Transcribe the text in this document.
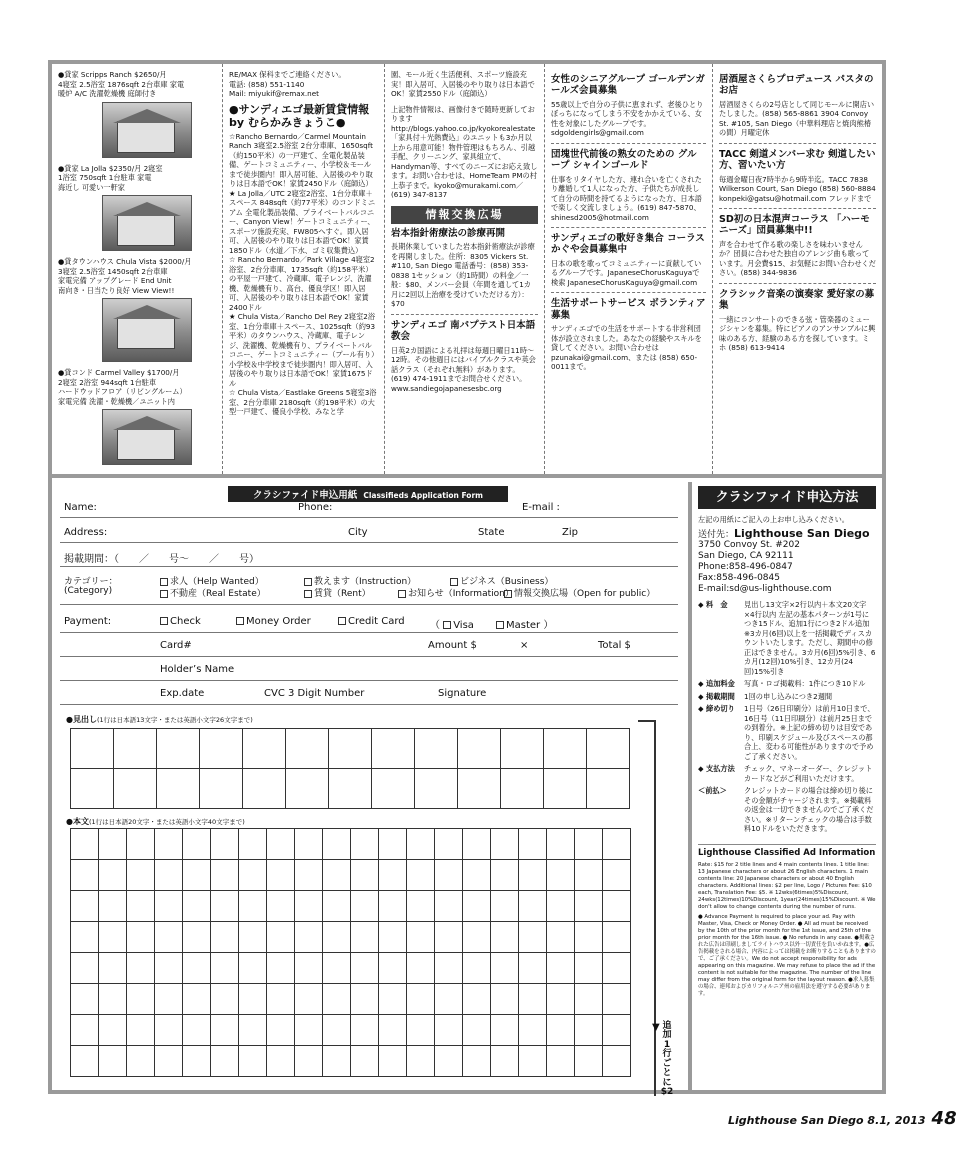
●貸家 Scripps Ranch $2650/月
4寝室 2.5浴室 1876sqft 2台車庫 家電
暖炉 A/C 洗濯乾燥機 庭師付き
●貸家 La Jolla $2350/月 2寝室
1浴室 750sqft 1台駐車 家電
海近し 可愛い一軒家
●貸タウンハウス Chula Vista $2000/月
3寝室 2.5浴室 1450sqft 2台車庫
家電完備 アップグレード End Unit
南向き・日当たり良好 View View!!
●貸コンド Carmel Valley $1700/月
2寝室 2浴室 944sqft 1台駐車
ハードウッドフロア（リビングルーム）
家電完備 洗濯・乾燥機／ユニット内
RE/MAX 保科までご連絡ください。
電話: (858) 551-1140
Mail: miyukif@remax.net
●サンディエゴ最新賃貸情報 by むらかみきょうこ●
☆Rancho Bernardo／Carmel Mountain Ranch 3寝室2.5浴室 2台分車庫、1650sqft（約150平米）の一戸建て、全電化製品装備、ゲートコミュニティー、小学校＆モールまで徒歩圏内！即入居可能、入居後のやり取りは日本語でOK！家賃2450ドル（庭師込）
★ La Jolla／UTC 2寝室2浴室、1台分車庫＋スペース 848sqft（約77平米）のコンドミニアム 全電化製品装備、プライベートバルコニー、Canyon View！ゲートコミュニティー、スポーツ施設充実、FW805へすぐ。即入居可、入居後のやり取りは日本語でOK！家賃1850ドル（水道／下水、ゴミ収集費込）
☆ Rancho Bernardo／Park Village 4寝室2浴室、2台分車庫、1735sqft（約158平米）の平屋一戸建て、冷蔵庫、電子レンジ、洗濯機、乾燥機有り、高台、優良学区！即入居可、入居後のやり取りは日本語でOK！家賃2400ドル
★ Chula Vista／Rancho Del Rey 2寝室2浴室、1台分車庫＋スペース、1025sqft（約93平米）のタウンハウス、冷蔵庫、電子レンジ、洗濯機、乾燥機有り、プライベートバルコニー、ゲートコミュニティー（プール有り）小学校＆中学校まで徒歩圏内！即入居可、入居後のやり取りは日本語でOK！家賃1675ドル
☆ Chula Vista／Eastlake Greens 5寝室3浴室、2台分車庫 2180sqft（約198平米）の大型一戸建て、優良小学校、みなと学
園、モール近く生活便利、スポーツ施設充実！即入居可、入居後のやり取りは日本語でOK！家賃2550ドル（庭師込）
上記物件情報は、画像付きで随時更新しております http://blogs.yahoo.co.jp/kyokorealestate 「家具付＋光熱費込」のユニットも3か月以上から用意可能！物件管理はもちろん、引越手配、クリーニング、家具組立て、Handyman等、すべてのニーズにお応え致します。お問い合わせは、HomeTeam PMの村上恭子まで。kyoko@murakami.com／(619) 347-8137
情報交換広場
岩本指針術療法の診療再開
長期休業していました岩本指針術療法が診療を再開しました。住所：8305 Vickers St. #110, San Diego 電話番号：(858) 353-0838 1セッション（約1時間）の料金／一般：$80、メンバー会員（年間を通して1カ月に2回以上治療を受けていただける方）：$70
サンディエゴ 南バプテスト日本語教会
日英2カ国語による礼拝は毎週日曜日11時〜12時。その他週日にはバイブルクラスや英会話クラス（それぞれ無料）があります。(619) 474-1911までお問合せください。www.sandiegojapanesesbc.org
女性のシニアグループ ゴールデンガールズ会員募集
55歳以上で自分の子供に恵まれず、老後ひとりぼっちになってしまう不安をかかえている、女性を対象にしたグループです。sdgoldengirls@gmail.com
団塊世代前後の熟女のための グループ シャインゴールド
仕事をリタイヤした方、連れ合いを亡くされたり離婚して1人になった方、子供たちが成長して自分の時間を持てるようになった方、日本語で楽しく交流しましょう。(619) 847-5870、shinesd2005@hotmail.com
サンディエゴの歌好き集合 コーラスかぐや会員募集中
日本の歌を歌ってコミュニティーに貢献しているグループです。JapaneseChorusKaguyaで検索 JapaneseChorusKaguya@gmail.com
生活サポートサービス ボランティア募集
サンディエゴでの生活をサポートする非営利団体が設立されました。あなたの経験やスキルを貸してください。お問い合わせはpzunakai@gmail.com、または (858) 650-0011まで。
居酒屋さくらプロデュース パスタのお店
居酒屋さくらの2号店として同じモールに開店いたしました。(858) 565-8861 3904 Convoy St. #105, San Diego（中華料理店と焼肉熊椿の間）月曜定休
TACC 剣道メンバー求む 剣道したい方、習いたい方
毎週金曜日夜7時半から9時半迄。TACC 7838 Wilkerson Court, San Diego (858) 560-8884 konpeki@gatsu@hotmail.com フレッドまで
SD初の日本混声コーラス 「ハーモニーズ」団員募集中!!
声を合わせて作る歌の楽しさを味わいませんか？団員に合わせた独自のアレンジ曲も歌っています。月会費$15、お気軽にお問い合わせください。(858) 344-9836
クラシック音楽の演奏家 愛好家の募集
一緒にコンサートのできる弦・管楽器のミュージシャンを募集。特にピアノのアンサンブルに興味のある方、経験のある方を探しています。ミホ (858) 613-9414
クラシファイド申込用紙 Classifieds Application Form
Name:	Phone:	E-mail :
Address:	City	State	Zip
掲載期間：（　　／　　号〜　　／　　号）
カテゴリー：
(Category)
求人（Help Wanted）	教えます（Instruction）	ビジネス（Business）
不動産（Real Estate）	賃貸（Rent）	お知らせ（Information） 情報交換広場（Open for public）
Payment:	Check	Money Order	Credit Card	（ Visa	Master ）
Card#	Amount $	×	Total $
Holder’s Name
Exp.date	CVC 3 Digit Number	Signature
●見出し(1行は日本語13文字・または英語小文字26文字まで)
●本文(1行は日本語20文字・または英語小文字40文字まで)
▼ 追加1行ごとに$2
クラシファイド申込方法
左記の用紙にご記入の上お申し込みください。
送付先：Lighthouse San Diego
3750 Convoy St. #202
San Diego, CA 92111
Phone:858-496-0847
Fax:858-496-0845
E-mail:sd@us-lighthouse.com
◆ 料　金	見出し13文字×2行以内＋本文20文字×4行以内 左記の基本パターンが1号につき15ドル、追加1行につき2ドル追加 ※3カ月(6回)以上を一括掲載でディスカウントいたします。ただし、期間中の修正はできません。3カ月(6回)5%引き、6カ月(12回)10%引き、12カ月(24回)15%引き
◆ 追加料金	写真・ロゴ掲載料：1件につき10ドル
◆ 掲載期間	1回の申し込みにつき2週間
◆ 締め切り	1日号（26日印刷分）は前月10日まで、16日号（11日印刷分）は前月25日までの到着分。※上記の締め切りは目安であり、印刷スケジュール及びスペースの都合上、変わる可能性がありますので予めご了承ください。
◆ 支払方法	チェック、マネーオーダー、クレジットカードなどがご利用いただけます。
＜前払＞	クレジットカードの場合は締め切り後にその金額がチャージされます。※掲載料の返金は一切できませんのでご了承ください。※リターンチェックの場合は手数料10ドルをいただきます。
Lighthouse Classified Ad Information
Rate: $15 for 2 title lines and 4 main contents lines. 1 title line: 13 Japanese characters or about 26 English characters. 1 main contents line: 20 Japanese characters or about 40 English characters. Additional lines: $2 per line, Logo / Pictures Fee: $10 each, Translation Fee: $5. ※ 12wks(6times)5%Discount, 24wks(12times)10%Discount, 1year(24times)15%Discount. ※ We don't allow to change contents during the number of runs.
● Advance Payment is required to place your ad. Pay with Master, Visa, Check or Money Order. ● All ad must be received by the 10th of the prior month for the 1st issue, and 25th of the prior month for the 16th issue. ● No refunds in any case. ●掲載された広告は印刷しましてライトハウス以外一切責任を負いかねます。●広告掲載をされる場合、内容によっては掲載をお断りすることもありますので、ご了承ください。We do not accept responsibility for ads appearing on this magazine. We may refuse to place the ad if the content is not suitable for the magazine. The number of the line may differ from the original form for the layout reason. ●求人募集の場合、連邦およびカリフォルニア州の雇用法を遵守する必要があります。
Lighthouse San Diego 8.1, 2013 48
